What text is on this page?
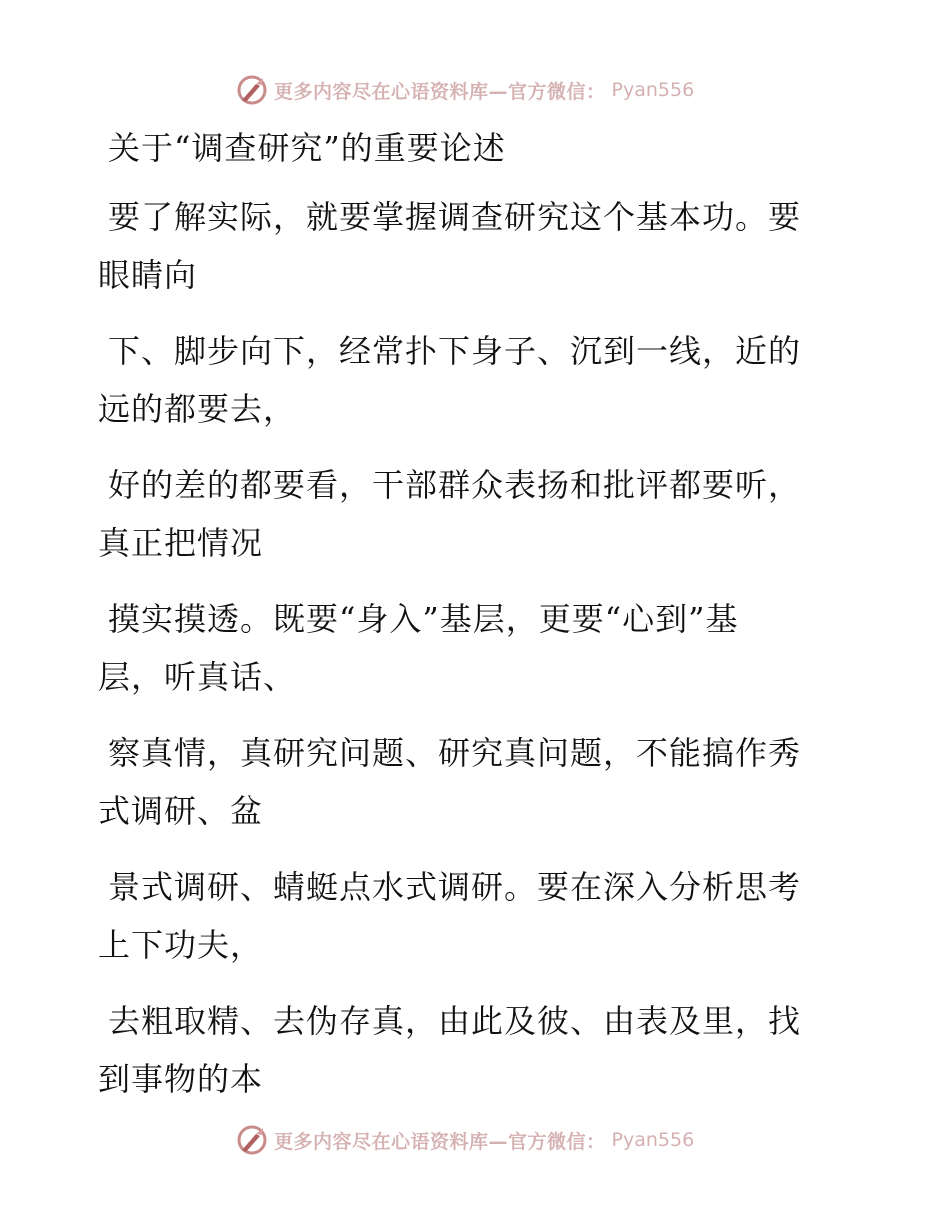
更多内容尽在心语资料库—官方微信： Pyan556
关于“调查研究”的重要论述

要了解实际，就要掌握调查研究这个基本功。要
眼睛向

下、脚步向下，经常扑下身子、沉到一线，近的
远的都要去，

好的差的都要看，干部群众表扬和批评都要听，
真正把情况

摸实摸透。既要“身入”基层，更要“心到”基
层，听真话、

察真情，真研究问题、研究真问题，不能搞作秀
式调研、盆

景式调研、蜻蜓点水式调研。要在深入分析思考
上下功夫，

去粗取精、去伪存真，由此及彼、由表及里，找
到事物的本

更多内容尽在心语资料库—官方微信： Pyan556
